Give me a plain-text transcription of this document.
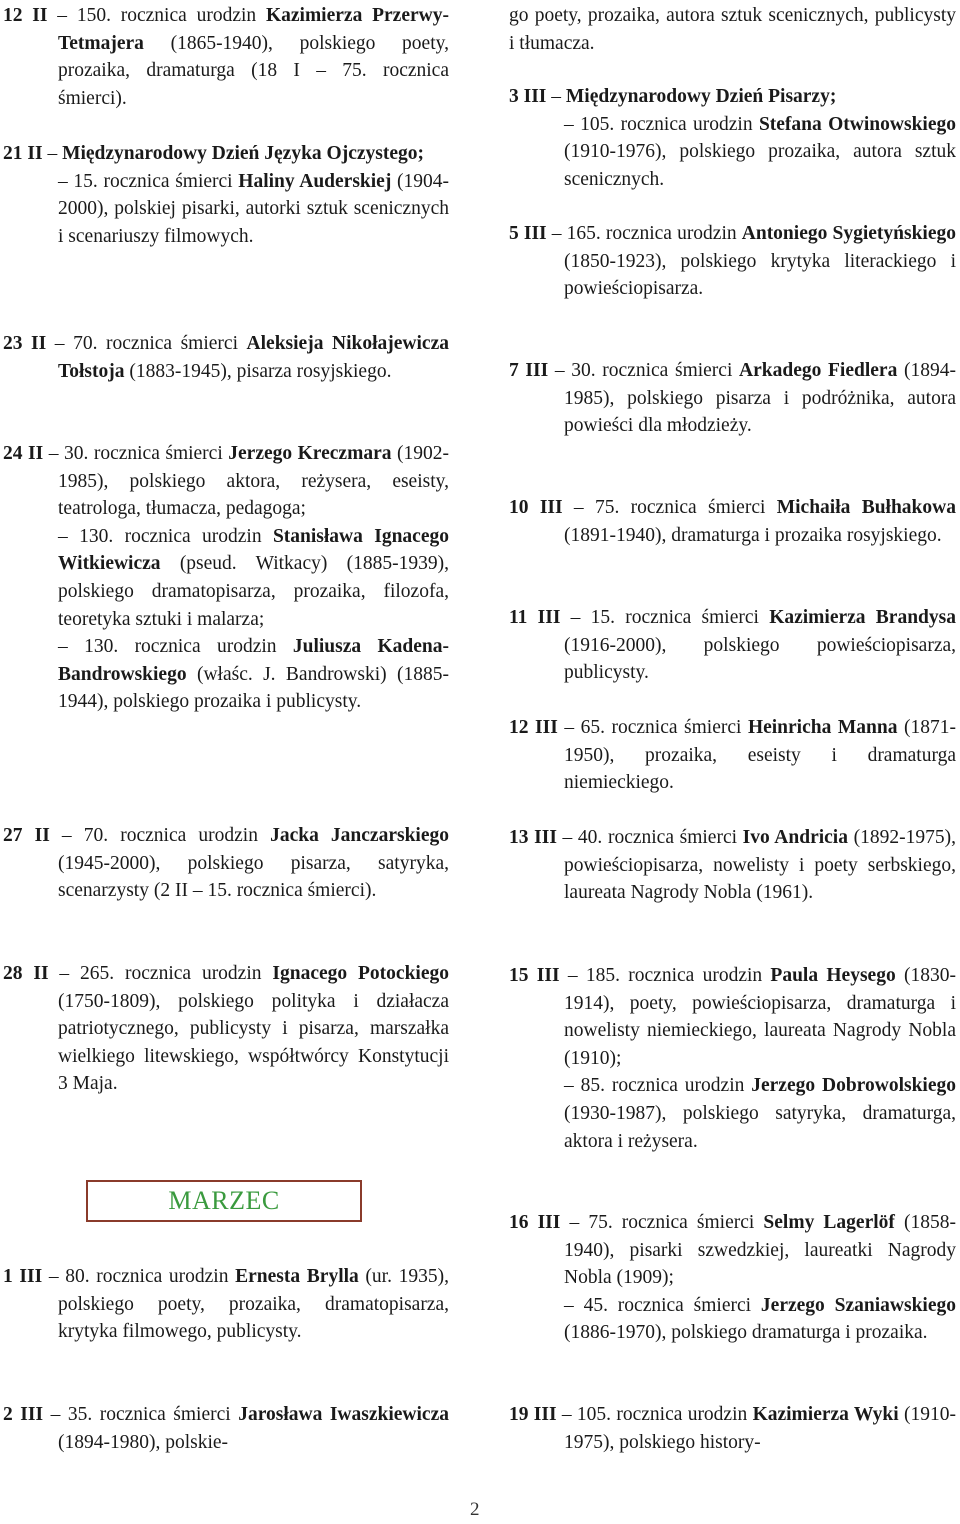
12 II – 150. rocznica urodzin Kazimierza Przerwy-Tetmajera (1865-1940), polskiego poety, prozaika, dramaturga (18 I – 75. rocznica śmierci).

21 II – Międzynarodowy Dzień Języka Ojczystego;

– 15. rocznica śmierci Haliny Auderskiej (1904-2000), polskiej pisarki, autorki sztuk scenicznych i scenariuszy filmowych.

23 II – 70. rocznica śmierci Aleksieja Nikołajewicza Tołstoja (1883-1945), pisarza rosyjskiego.

24 II – 30. rocznica śmierci Jerzego Kreczmara (1902-1985), polskiego aktora, reżysera, eseisty, teatrologa, tłumacza, pedagoga;

– 130. rocznica urodzin Stanisława Ignacego Witkiewicza (pseud. Witkacy) (1885-1939), polskiego dramatopisarza, prozaika, filozofa, teoretyka sztuki i malarza;

– 130. rocznica urodzin Juliusza Kadena-Bandrowskiego (właśc. J. Bandrowski) (1885-1944), polskiego prozaika i publicysty.

27 II – 70. rocznica urodzin Jacka Janczarskiego (1945-2000), polskiego pisarza, satyryka, scenarzysty (2 II – 15. rocznica śmierci).

28 II – 265. rocznica urodzin Ignacego Potockiego (1750-1809), polskiego polityka i działacza patriotycznego, publicysty i pisarza, marszałka wielkiego litewskiego, współtwórcy Konstytucji 3 Maja.

1 III – 80. rocznica urodzin Ernesta Brylla (ur. 1935), polskiego poety, prozaika, dramatopisarza, krytyka filmowego, publicysty.

2 III – 35. rocznica śmierci Jarosława Iwaszkiewicza (1894-1980), polskie-

go poety, prozaika, autora sztuk scenicznych, publicysty i tłumacza.

3 III – Międzynarodowy Dzień Pisarzy;

– 105. rocznica urodzin Stefana Otwinowskiego (1910-1976), polskiego prozaika, autora sztuk scenicznych.

5 III – 165. rocznica urodzin Antoniego Sygietyńskiego (1850-1923), polskiego krytyka literackiego i powieściopisarza.

7 III – 30. rocznica śmierci Arkadego Fiedlera (1894-1985), polskiego pisarza i podróżnika, autora powieści dla młodzieży.

10 III – 75. rocznica śmierci Michaiła Bułhakowa (1891-1940), dramaturga i prozaika rosyjskiego.

11 III – 15. rocznica śmierci Kazimierza Brandysa (1916-2000), polskiego powieściopisarza, publicysty.

12 III – 65. rocznica śmierci Heinricha Manna (1871-1950), prozaika, eseisty i dramaturga niemieckiego.

13 III – 40. rocznica śmierci Ivo Andricia (1892-1975), powieściopisarza, nowelisty i poety serbskiego, laureata Nagrody Nobla (1961).

15 III – 185. rocznica urodzin Paula Heysego (1830-1914), poety, powieściopisarza, dramaturga i nowelisty niemieckiego, laureata Nagrody Nobla (1910);

– 85. rocznica urodzin Jerzego Dobrowolskiego (1930-1987), polskiego satyryka, dramaturga, aktora i reżysera.

16 III – 75. rocznica śmierci Selmy Lagerlöf (1858-1940), pisarki szwedzkiej, laureatki Nagrody Nobla (1909);

– 45. rocznica śmierci Jerzego Szaniawskiego (1886-1970), polskiego dramaturga i prozaika.

19 III – 105. rocznica urodzin Kazimierza Wyki (1910-1975), polskiego history-

MARZEC
2
